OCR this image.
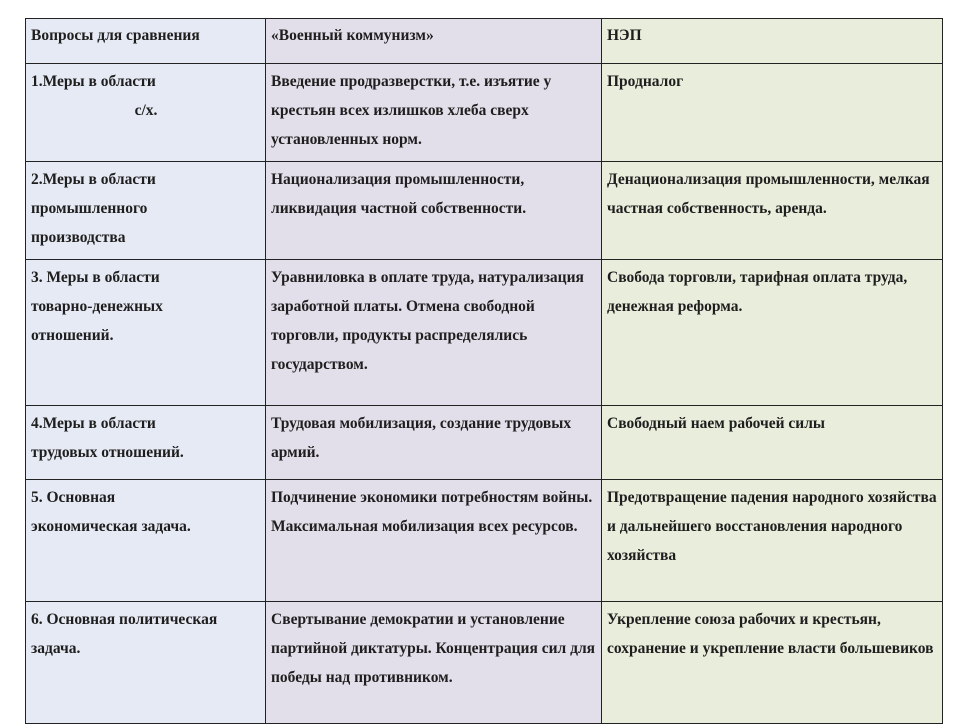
Вопросы для сравнения	«Военный коммунизм»	НЭП

1.Меры в области
с/х.	Введение продразверстки, т.е. изъятие у крестьян всех излишков хлеба сверх установленных норм.	Продналог

2.Меры в области
промышленного
производства	Национализация промышленности, ликвидация частной собственности.	Денационализация промышленности, мелкая частная собственность, аренда.

3. Меры в области
товарно-денежных
отношений.	Уравниловка в оплате труда, натурализация заработной платы. Отмена свободной торговли, продукты распределялись государством.	Свобода торговли, тарифная оплата труда, денежная реформа.

4.Меры в области
трудовых отношений.	Трудовая мобилизация, создание трудовых армий.	Свободный наем рабочей силы

5. Основная
экономическая задача.	Подчинение экономики потребностям войны. Максимальная мобилизация всех ресурсов.	Предотвращение падения народного хозяйства и дальнейшего восстановления народного хозяйства

6. Основная политическая
задача.	Свертывание демократии и установление партийной диктатуры. Концентрация сил для победы над противником.	Укрепление союза рабочих и крестьян, сохранение и укрепление власти большевиков
